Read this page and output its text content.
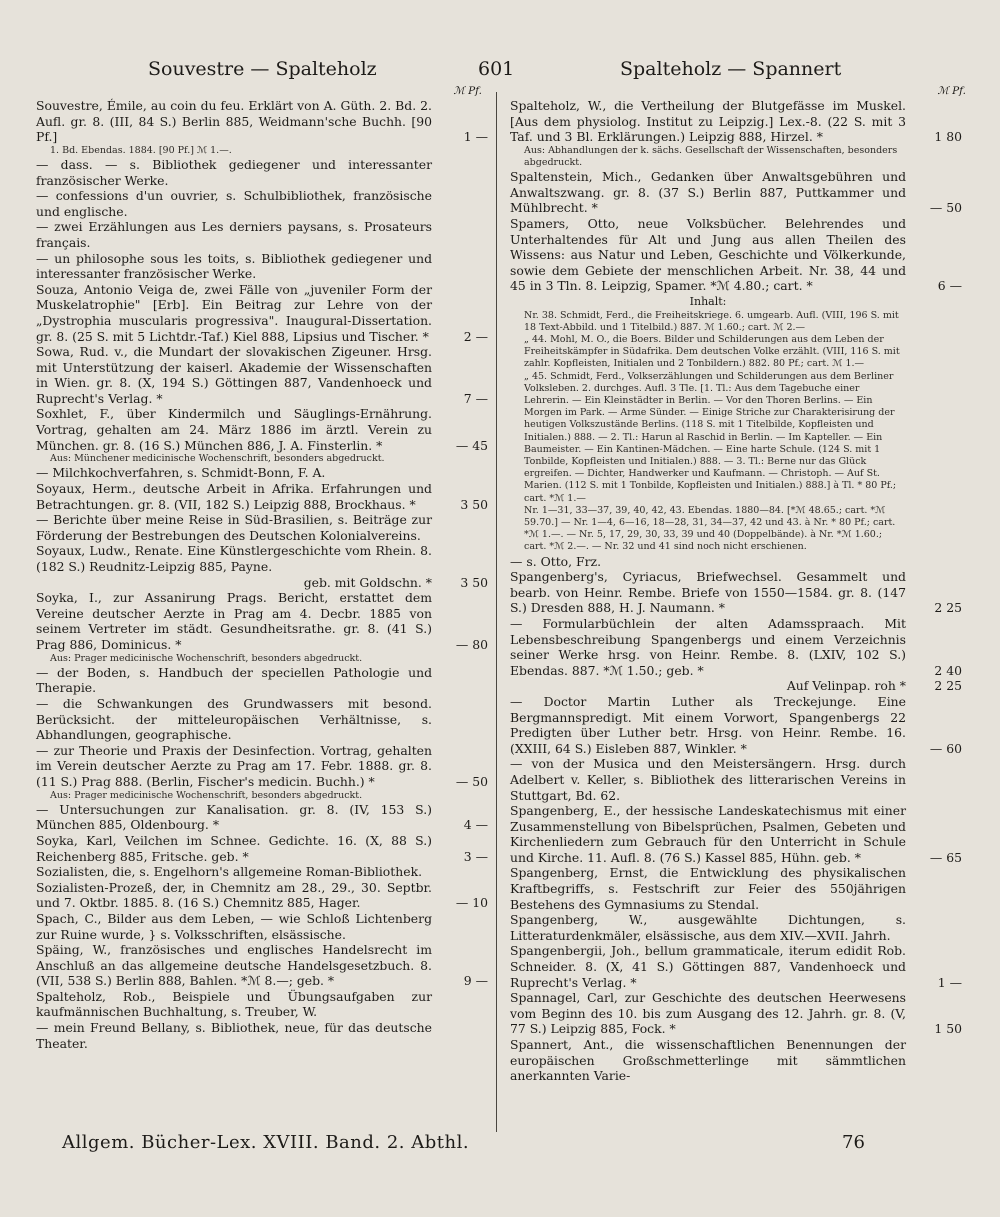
Souvestre — Spalteholz	601	Spalteholz — Spannert
ℳ Pf.
Souvestre, Émile, au coin du feu. Erklärt von A. Güth. 2. Bd. 2. Aufl. gr. 8. (III, 84 S.) Berlin 885, Weidmann'sche Buchh. [90 Pf.]	1 —
1. Bd. Ebendas. 1884. [90 Pf.] ℳ 1.—.
— dass. — s. Bibliothek gediegener und interessanter französischer Werke.
— confessions d'un ouvrier, s. Schulbibliothek, französische und englische.
— zwei Erzählungen aus Les derniers paysans, s. Prosateurs français.
— un philosophe sous les toits, s. Bibliothek gediegener und interessanter französischer Werke.
Souza, Antonio Veiga de, zwei Fälle von „juveniler Form der Muskelatrophie" [Erb]. Ein Beitrag zur Lehre von der „Dystrophia muscularis progressiva". Inaugural-Dissertation. gr. 8. (25 S. mit 5 Lichtdr.-Taf.) Kiel 888, Lipsius und Tischer. *	2 —
Sowa, Rud. v., die Mundart der slovakischen Zigeuner. Hrsg. mit Unterstützung der kaiserl. Akademie der Wissenschaften in Wien. gr. 8. (X, 194 S.) Göttingen 887, Vandenhoeck und Ruprecht's Verlag. *	7 —
Soxhlet, F., über Kindermilch und Säuglings-Ernährung. Vortrag, gehalten am 24. März 1886 im ärztl. Verein zu München. gr. 8. (16 S.) München 886, J. A. Finsterlin. *	— 45
Aus: Münchener medicinische Wochenschrift, besonders abgedruckt.
— Milchkochverfahren, s. Schmidt-Bonn, F. A.
Soyaux, Herm., deutsche Arbeit in Afrika. Erfahrungen und Betrachtungen. gr. 8. (VII, 182 S.) Leipzig 888, Brockhaus. *	3 50
— Berichte über meine Reise in Süd-Brasilien, s. Beiträge zur Förderung der Bestrebungen des Deutschen Kolonialvereins.
Soyaux, Ludw., Renate. Eine Künstlergeschichte vom Rhein. 8. (182 S.) Reudnitz-Leipzig 885, Payne.
geb. mit Goldschn. *	3 50
Soyka, I., zur Assanirung Prags. Bericht, erstattet dem Vereine deutscher Aerzte in Prag am 4. Decbr. 1885 von seinem Vertreter im städt. Gesundheitsrathe. gr. 8. (41 S.) Prag 886, Dominicus. *	— 80
Aus: Prager medicinische Wochenschrift, besonders abgedruckt.
— der Boden, s. Handbuch der speciellen Pathologie und Therapie.
— die Schwankungen des Grundwassers mit besond. Berücksicht. der mitteleuropäischen Verhältnisse, s. Abhandlungen, geographische.
— zur Theorie und Praxis der Desinfection. Vortrag, gehalten im Verein deutscher Aerzte zu Prag am 17. Febr. 1888. gr. 8. (11 S.) Prag 888. (Berlin, Fischer's medicin. Buchh.) *	— 50
Aus: Prager medicinische Wochenschrift, besonders abgedruckt.
— Untersuchungen zur Kanalisation. gr. 8. (IV, 153 S.) München 885, Oldenbourg. *	4 —
Soyka, Karl, Veilchen im Schnee. Gedichte. 16. (X, 88 S.) Reichenberg 885, Fritsche. geb. *	3 —
Sozialisten, die, s. Engelhorn's allgemeine Roman-Bibliothek.
Sozialisten-Prozeß, der, in Chemnitz am 28., 29., 30. Septbr. und 7. Oktbr. 1885. 8. (16 S.) Chemnitz 885, Hager.	— 10
Spach, C., Bilder aus dem Leben, — wie Schloß Lichtenberg zur Ruine wurde, } s. Volksschriften, elsässische.
Späing, W., französisches und englisches Handelsrecht im Anschluß an das allgemeine deutsche Handelsgesetzbuch. 8. (VII, 538 S.) Berlin 888, Bahlen. *ℳ 8.—; geb. *	9 —
Spalteholz, Rob., Beispiele und Übungsaufgaben zur kaufmännischen Buchhaltung, s. Treuber, W.
— mein Freund Bellany, s. Bibliothek, neue, für das deutsche Theater.
ℳ Pf.
Spalteholz, W., die Vertheilung der Blutgefässe im Muskel. [Aus dem physiolog. Institut zu Leipzig.] Lex.-8. (22 S. mit 3 Taf. und 3 Bl. Erklärungen.) Leipzig 888, Hirzel. *	1 80
Aus: Abhandlungen der k. sächs. Gesellschaft der Wissenschaften, besonders abgedruckt.
Spaltenstein, Mich., Gedanken über Anwaltsgebühren und Anwaltszwang. gr. 8. (37 S.) Berlin 887, Puttkammer und Mühlbrecht. *	— 50
Spamers, Otto, neue Volksbücher. Belehrendes und Unterhaltendes für Alt und Jung aus allen Theilen des Wissens: aus Natur und Leben, Geschichte und Völkerkunde, sowie dem Gebiete der menschlichen Arbeit. Nr. 38, 44 und 45 in 3 Tln. 8. Leipzig, Spamer. *ℳ 4.80.; cart. *	6 —
Inhalt:
Nr. 38. Schmidt, Ferd., die Freiheitskriege. 6. umgearb. Aufl. (VIII, 196 S. mit 18 Text-Abbild. und 1 Titelbild.) 887. ℳ 1.60.; cart. ℳ 2.—
„ 44. Mohl, M. O., die Boers. Bilder und Schilderungen aus dem Leben der Freiheitskämpfer in Südafrika. Dem deutschen Volke erzählt. (VIII, 116 S. mit zahlr. Kopfleisten, Initialen und 2 Tonbildern.) 882. 80 Pf.; cart. ℳ 1.—
„ 45. Schmidt, Ferd., Volkserzählungen und Schilderungen aus dem Berliner Volksleben. 2. durchges. Aufl. 3 Tle. [1. Tl.: Aus dem Tagebuche einer Lehrerin. — Ein Kleinstädter in Berlin. — Vor den Thoren Berlins. — Ein Morgen im Park. — Arme Sünder. — Einige Striche zur Charakterisirung der heutigen Volkszustände Berlins. (118 S. mit 1 Titelbilde, Kopfleisten und Initialen.) 888. — 2. Tl.: Harun al Raschid in Berlin. — Im Kapteller. — Ein Baumeister. — Ein Kantinen-Mädchen. — Eine harte Schule. (124 S. mit 1 Tonbilde, Kopfleisten und Initialen.) 888. — 3. Tl.: Berne nur das Glück ergreifen. — Dichter, Handwerker und Kaufmann. — Christoph. — Auf St. Marien. (112 S. mit 1 Tonbilde, Kopfleisten und Initialen.) 888.] à Tl. * 80 Pf.; cart. *ℳ 1.—
Nr. 1—31, 33—37, 39, 40, 42, 43. Ebendas. 1880—84. [*ℳ 48.65.; cart. *ℳ 59.70.] — Nr. 1—4, 6—16, 18—28, 31, 34—37, 42 und 43. à Nr. * 80 Pf.; cart. *ℳ 1.—. — Nr. 5, 17, 29, 30, 33, 39 und 40 (Doppelbände). à Nr. *ℳ 1.60.; cart. *ℳ 2.—. — Nr. 32 und 41 sind noch nicht erschienen.
— s. Otto, Frz.
Spangenberg's, Cyriacus, Briefwechsel. Gesammelt und bearb. von Heinr. Rembe. Briefe von 1550—1584. gr. 8. (147 S.) Dresden 888, H. J. Naumann. *	2 25
— Formularbüchlein der alten Adamsspraach. Mit Lebensbeschreibung Spangenbergs und einem Verzeichnis seiner Werke hrsg. von Heinr. Rembe. 8. (LXIV, 102 S.) Ebendas. 887. *ℳ 1.50.; geb. *	2 40
Auf Velinpap. roh *	2 25
— Doctor Martin Luther als Treckejunge. Eine Bergmannspredigt. Mit einem Vorwort, Spangenbergs 22 Predigten über Luther betr. Hrsg. von Heinr. Rembe. 16. (XXIII, 64 S.) Eisleben 887, Winkler. *	— 60
— von der Musica und den Meistersängern. Hrsg. durch Adelbert v. Keller, s. Bibliothek des litterarischen Vereins in Stuttgart, Bd. 62.
Spangenberg, E., der hessische Landeskatechismus mit einer Zusammenstellung von Bibelsprüchen, Psalmen, Gebeten und Kirchenliedern zum Gebrauch für den Unterricht in Schule und Kirche. 11. Aufl. 8. (76 S.) Kassel 885, Hühn. geb. *	— 65
Spangenberg, Ernst, die Entwicklung des physikalischen Kraftbegriffs, s. Festschrift zur Feier des 550jährigen Bestehens des Gymnasiums zu Stendal.
Spangenberg, W., ausgewählte Dichtungen, s. Litteraturdenkmäler, elsässische, aus dem XIV.—XVII. Jahrh.
Spangenbergii, Joh., bellum grammaticale, iterum edidit Rob. Schneider. 8. (X, 41 S.) Göttingen 887, Vandenhoeck und Ruprecht's Verlag. *	1 —
Spannagel, Carl, zur Geschichte des deutschen Heerwesens vom Beginn des 10. bis zum Ausgang des 12. Jahrh. gr. 8. (V, 77 S.) Leipzig 885, Fock. *	1 50
Spannert, Ant., die wissenschaftlichen Benennungen der europäischen Großschmetterlinge mit sämmtlichen anerkannten Varie-
Allgem. Bücher-Lex. XVIII. Band. 2. Abthl.	76
